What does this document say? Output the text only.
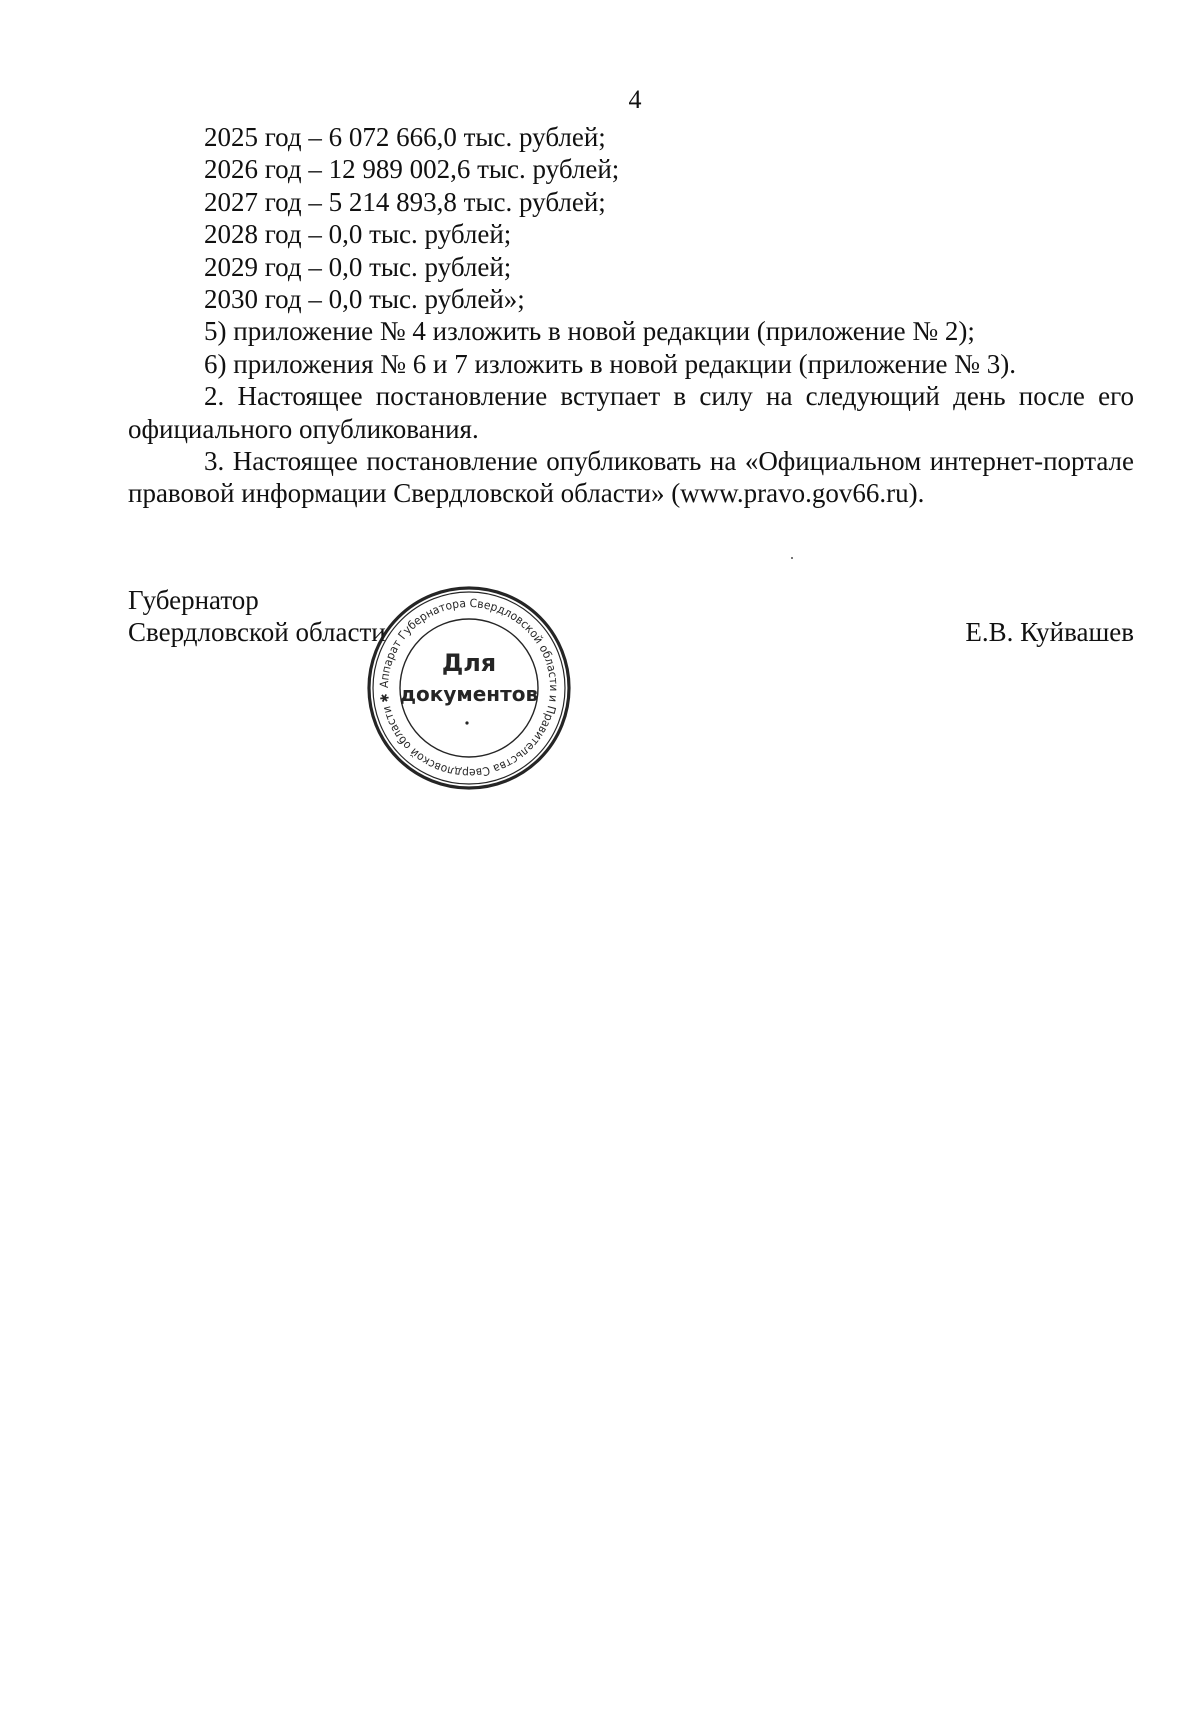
4
2025 год – 6 072 666,0 тыс. рублей;
2026 год – 12 989 002,6 тыс. рублей;
2027 год – 5 214 893,8 тыс. рублей;
2028 год – 0,0 тыс. рублей;
2029 год – 0,0 тыс. рублей;
2030 год – 0,0 тыс. рублей»;
5) приложение № 4 изложить в новой редакции (приложение № 2);
6) приложения № 6 и 7 изложить в новой редакции (приложение № 3).
2. Настоящее постановление вступает в силу на следующий день после его официального опубликования.
3. Настоящее постановление опубликовать на «Официальном интернет-портале правовой информации Свердловской области» (www.pravo.gov66.ru).
Губернатор
Свердловской области	Е.В. Куйвашев
Аппарат Губернатора Свердловской области и Правительства Свердловской области ✱
Для
документов
